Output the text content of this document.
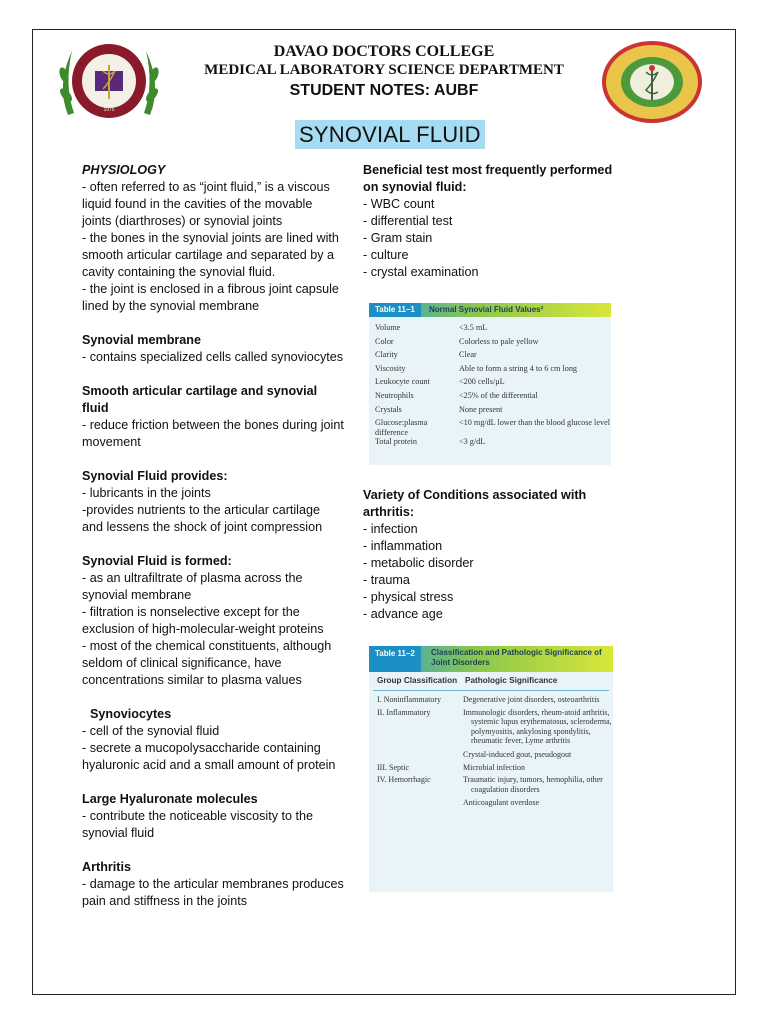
1975
DAVAO DOCTORS COLLEGE
MEDICAL LABORATORY SCIENCE DEPARTMENT
STUDENT NOTES: AUBF
SYNOVIAL FLUID
PHYSIOLOGY
- often referred to as “joint fluid,” is a viscous liquid found in the cavities of the movable joints (diarthroses) or synovial joints
- the bones in the synovial joints are lined with smooth articular cartilage and separated by a cavity containing the synovial fluid.
- the joint is enclosed in a fibrous joint capsule lined by the synovial membrane
Synovial membrane
- contains specialized cells called synoviocytes
Smooth articular cartilage and synovial fluid
- reduce friction between the bones during joint movement
Synovial Fluid provides:
- lubricants in the joints
-provides nutrients to the articular cartilage and lessens the shock of joint compression
Synovial Fluid is formed:
- as an ultrafiltrate of plasma across the synovial membrane
- filtration is nonselective except for the exclusion of high-molecular-weight proteins
- most of the chemical constituents, although seldom of clinical significance, have concentrations similar to plasma values
Synoviocytes
- cell of the synovial fluid
- secrete a mucopolysaccharide containing hyaluronic acid and a small amount of protein
Large Hyaluronate molecules
- contribute the noticeable viscosity to the synovial fluid
Arthritis
- damage to the articular membranes produces pain and stiffness in the joints
Beneficial test most frequently performed on synovial fluid:
- WBC count
- differential test
- Gram stain
- culture
- crystal examination
Variety of Conditions associated with arthritis:
- infection
- inflammation
- metabolic disorder
- trauma
- physical stress
- advance age
Table 11–1	Normal Synovial Fluid Values²
Volume	<3.5 mL
Color	Colorless to pale yellow
Clarity	Clear
Viscosity	Able to form a string 4 to 6 cm long
Leukocyte count	<200 cells/μL
Neutrophils	<25% of the differential
Crystals	None present
Glucose:plasma difference	<10 mg/dL lower than the blood glucose level
Total protein	<3 g/dL
Table 11–2	Classification and Pathologic Significance of Joint Disorders
Group Classification Pathologic Significance
I. Noninflammatory	Degenerative joint disorders, osteoarthritis

II. Inflammatory	Immunologic disorders, rheum-atoid arthritis, systemic lupus erythematosus, scleroderma, polymyositis, ankylosing spondylitis, rheumatic fever, Lyme arthritis
Crystal-induced gout, pseudogout

III. Septic	Microbial infection

IV. Hemorrhagic	Traumatic injury, tumors, hemophilia, other coagulation disorders
Anticoagulant overdose
